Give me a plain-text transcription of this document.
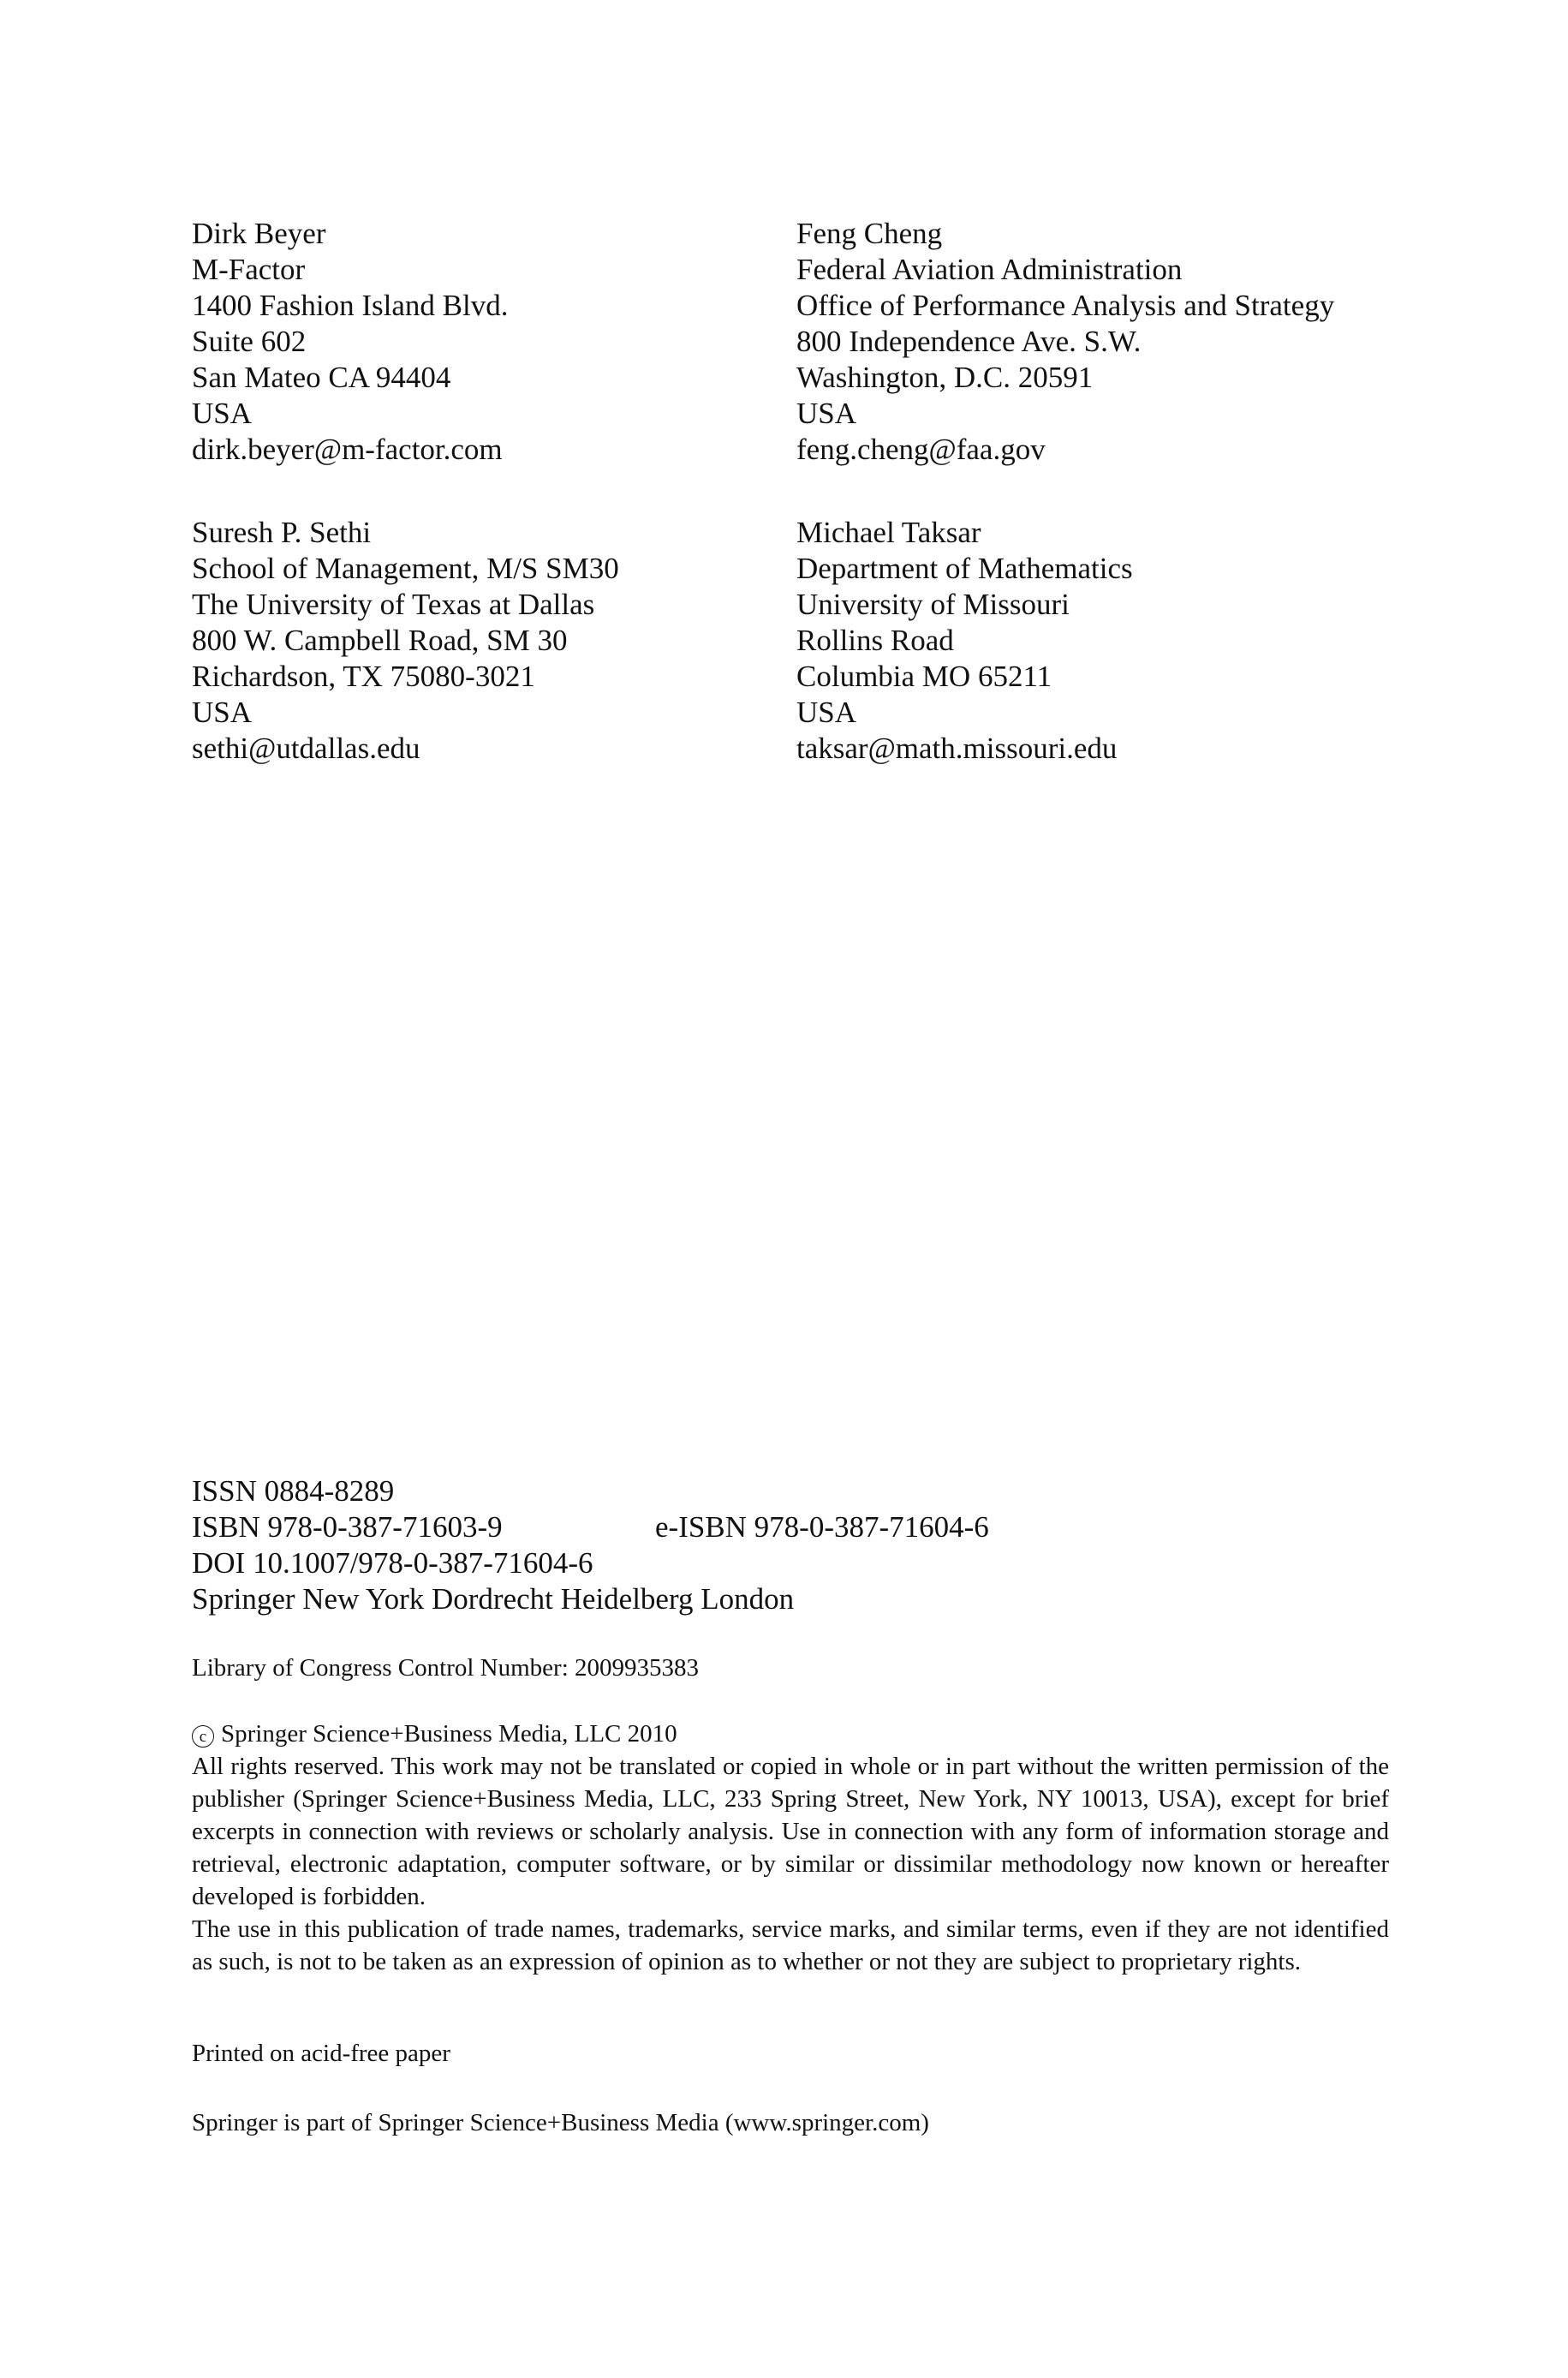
Dirk Beyer
M-Factor
1400 Fashion Island Blvd.
Suite 602
San Mateo CA 94404
USA
dirk.beyer@m-factor.com
Feng Cheng
Federal Aviation Administration
Office of Performance Analysis and Strategy
800 Independence Ave. S.W.
Washington, D.C. 20591
USA
feng.cheng@faa.gov
Suresh P. Sethi
School of Management, M/S SM30
The University of Texas at Dallas
800 W. Campbell Road, SM 30
Richardson, TX 75080-3021
USA
sethi@utdallas.edu
Michael Taksar
Department of Mathematics
University of Missouri
Rollins Road
Columbia MO 65211
USA
taksar@math.missouri.edu
ISSN 0884-8289
ISBN 978-0-387-71603-9	e-ISBN 978-0-387-71604-6
DOI 10.1007/978-0-387-71604-6
Springer New York Dordrecht Heidelberg London
Library of Congress Control Number: 2009935383
c Springer Science+Business Media, LLC 2010
All rights reserved. This work may not be translated or copied in whole or in part without the written permission of the publisher (Springer Science+Business Media, LLC, 233 Spring Street, New York, NY 10013, USA), except for brief excerpts in connection with reviews or scholarly analysis. Use in connection with any form of information storage and retrieval, electronic adaptation, computer software, or by similar or dissimilar methodology now known or hereafter developed is forbidden.
The use in this publication of trade names, trademarks, service marks, and similar terms, even if they are not identified as such, is not to be taken as an expression of opinion as to whether or not they are subject to proprietary rights.
Printed on acid-free paper
Springer is part of Springer Science+Business Media (www.springer.com)
